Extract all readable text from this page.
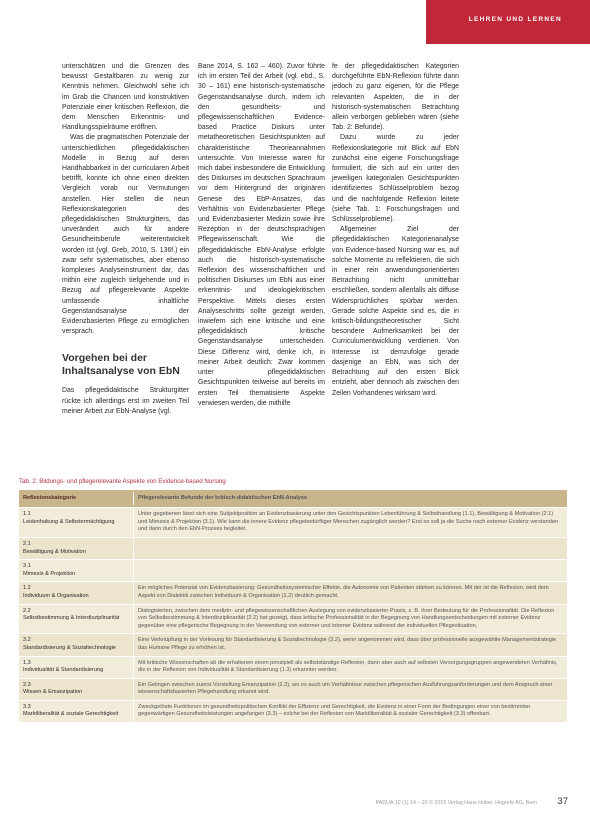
LEHREN UND LERNEN

unterschätzen und die Grenzen des bewusst Gestaltbaren zu wenig zur Kenntnis nehmen. Gleichwohl sehe ich im Grab die Chancen und konstruktiven Potenziale einer kritischen Reflexion, die dem Menschen Erkenntnis- und Handlungsspielräume eröffnen.

Was die pragmatischen Potenziale der unterschiedlichen pflegedidaktischen Modelle in Bezug auf deren Handhabbarkeit in der curricularen Arbeit betrifft, konnte ich ohne einen direkten Vergleich vorab nur Vermutungen anstellen. Hier stellen die neun Reflexionskategorien des pflegedidaktischen Strukturgitters, das unverändert auch für andere Gesundheitsberufe weiterentwickelt worden ist (vgl. Greb, 2010, S. 136f.) ein zwar sehr systematisches, aber ebenso komplexes Analyseinstrument dar, das mithin eine zugleich tiefgehende und in Bezug auf pflegerelevante Aspekte umfassende inhaltliche Gegenstandsanalyse der Evidenzbasierten Pflege zu ermöglichen versprach.

Vorgehen bei der Inhaltsanalyse von EbN

Das pflegedidaktische Strukturgitter rückte ich allerdings erst im zweiten Teil meiner Arbeit zur EbN-Analyse (vgl.

Bane 2014, S. 162 – 460). Zuvor führte ich im ersten Teil der Arbeit (vgl. ebd., S. 30 – 161) eine historisch-systematische Gegenstandsanalyse durch, indem ich den gesundheits- und pflegewissenschaftlichen Evidence-based Practice Diskurs unter metatheoretischen Gesichtspunkten auf charakteristische Theorieannahmen untersuchte. Von Interesse waren für mich dabei insbesondere die Entwicklung des Diskurses im deutschen Sprachraum vor dem Hintergrund der originären Genese des EbP-Ansatzes, das Verhältnis von Evidenzbasierter Pflege und Evidenzbasierter Medizin sowie ihre Rezeption in der deutschsprachigen Pflegewissenschaft. Wie die pflegedidaktische EbN-Analyse erfolgte auch die historisch-systematische Reflexion des wissenschaftlichen und politischen Diskurses um EbN aus einer erkenntnis- und ideologiekritischen Perspektive. Mittels dieses ersten Analyseschritts sollte gezeigt werden, inwiefern sich eine kritische und eine pflegedidaktisch kritische Gegenstandsanalyse unterscheiden. Diese Differenz wird, denke ich, in meiner Arbeit deutlich: Zwar kommen unter pflegedidaktischen Gesichtspunkten teilweise auf bereits im ersten Teil thematisierte Aspekte verwiesen werden, die mithilfe

fe der pflegedidaktischen Kategorien durchgeführte EbN-Reflexion führte dann jedoch zu ganz eigenen, für die Pflege relevanten Aspekten, die in der historisch-systematischen Betrachtung allein verborgen geblieben wären (siehe Tab. 2: Befunde).

Dazu wurde zu jeder Reflexionskategorie mit Blick auf EbN zunächst eine eigene Forschungsfrage formuliert, die sich auf ein unter den jeweiligen kategorialen Gesichtspunkten identifiziertes Schlüsselproblem bezog und die nachfolgende Reflexion leitete (siehe Tab. 1: Forschungsfragen und Schlüsselprobleme).

Allgemeiner Ziel der pflegedidaktischen Kategorienanalyse von Evidence-based Nursing war es, auf solche Momente zu reflektieren, die sich in einer rein anwendungsorientierten Betrachtung nicht unmittelbar erschließen, sondern allenfalls als diffuse Widersprüchliches spürbar werden. Gerade solche Aspekte sind es, die in kritisch-bildungstheoretischer Sicht besondere Aufmerksamkeit bei der Curriculumentwicklung verdienen. Von Interesse ist demzufolge gerade dasjenige an EbN, was sich der Betrachtung auf den ersten Blick entzieht, aber dennoch als zwischen den Zeilen Vorhandenes wirksam wird.

Tab. 2: Bildungs- und pflegerelevante Aspekte von Evidence-based Nursing
Reflexionskategorie	Pflegerelevante Befunde der kritisch-didaktischen EbN-Analyse
1.1
Leidenhaltung & Selbstermächtigung
Unter gegebenen lässt sich eine Subjektposition an Evidenzbasierung unter den Gesichtspunkten Lebenführung & Selbsthandlung (1.1), Bewältigung & Motivation (2.1) und Mimesis & Projektion (3.1). Wie kann die innere Evidenz pflegebedürftiger Menschen zugänglich werden? Erst es soll ja die Suche nach externer Evidenz verstanden und dann durch den EbN-Prozess begleitet.
2.1
Bewältigung & Motivation
3.1
Mimesis & Projektion
1.2
Individuum & Organisation
Ein mögliches Potenzial von Evidenzbasierung: Gesundheitssystemischer Effekte, die Autonomie von Patienten stärken zu können. Mit der ist die Reflexion, wird dem Aspekt von Dialektik zwischen Individuum & Organisation (1.2) deutlich gemacht.
2.2
Selbstbestimmung & Interdisziplinarität
Dialogisierten, zwischen dem medizin- und pflegewissenschaftlichen Auslegung von evidenzbasierter Praxis, z. B. ihrer Bedeutung für die Professionalität. Die Reflexion von Selbstbestimmung & Interdisziplinarität (2.2) hat gezeigt, dass kritische Professionalität in der Begegnung von Handlungsentscheidungen mit externer Evidenz gegenüber eine pflegerische Begegnung in der Verwendung von externer und interner Evidenz während der individuellen Pflegesituation.
3.2
Standardisierung & Sozialtechnologie
Eine Verknüpfung in der Vorlesung für Standardisierung & Sozialtechnologie (3.2), wenn angenommen wird, dass über professionelle ausgewählte Managementstrategie das Humane Pflege zu erhöhen ist.
1.3
Individualität & Standardisierung
Mit kritische Wissenschaften ab die erhaltenen einen prinzipiell als selbstständige Reflexion, dann aber auch auf selbsten Versorgungsgruppen angewendeten Verhältnis, die in der Reflexion von Individualität & Standardisierung (1.3) erkannter werden.
2.3
Wissen & Emanzipation
Ein Gelingen zwischen zuerst Vorstellung Emanzipation (2.3), wo es auch um Verhältnisse zwischen pflegerischen Ausführungsanforderungen und dem Anspruch einer wissenschaftsbasierten Pflegehandlung erkannt wird.
3.3
Marktliberalität & soziale Gerechtigkeit
Zweckgelöste Funktionen im gesundheitspolitischen Konflikt der Effizienz und Gerechtigkeit, die Evidenz in einer Form der Bedingungen einer von bestimmten gegenwärtigen Gesundheitsleistungen angefangen (3.3) – solche bei der Reflexion von Marktliberalität & sozialer Gerechtigkeit (3.3) offenbart.
PADUA 10 (1) 14 – 20 © 2015 Verlag Hans Huber, Hogrefe AG, Bern 37
